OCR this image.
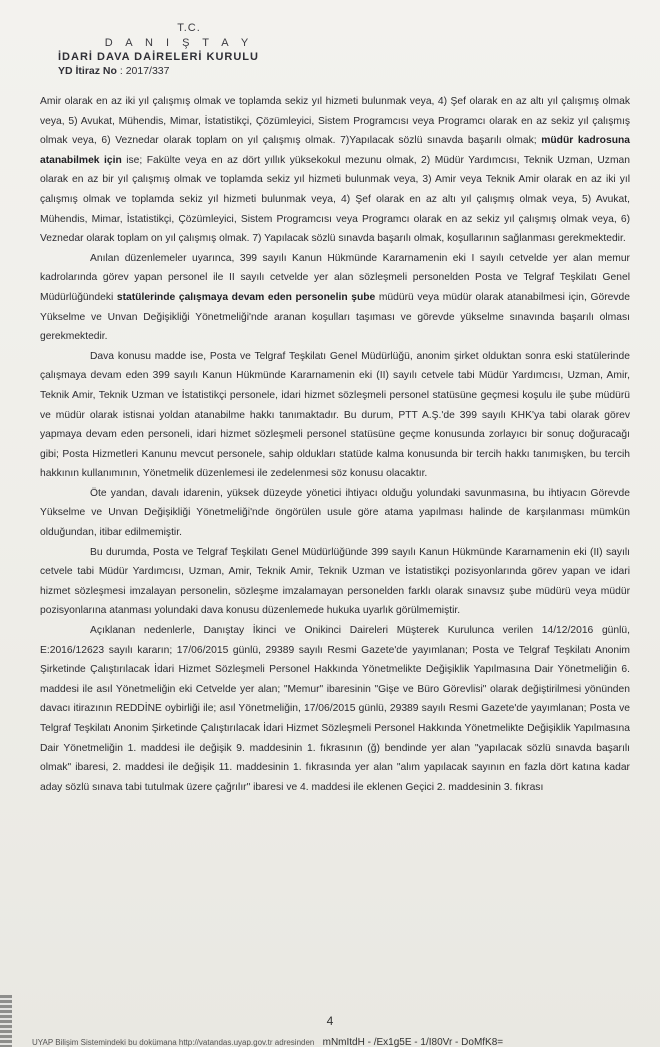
T.C.
D A N I Ş T A Y
İDARİ DAVA DAİRELERİ KURULU
YD İtiraz No : 2017/337

Amir olarak en az iki yıl çalışmış olmak ve toplamda sekiz yıl hizmeti bulunmak veya, 4) Şef olarak en az altı yıl çalışmış olmak veya, 5) Avukat, Mühendis, Mimar, İstatistikçi, Çözümleyici, Sistem Programcısı veya Programcı olarak en az sekiz yıl çalışmış olmak veya, 6) Veznedar olarak toplam on yıl çalışmış olmak. 7)Yapılacak sözlü sınavda başarılı olmak; müdür kadrosuna atanabilmek için ise; Fakülte veya en az dört yıllık yüksekokul mezunu olmak, 2) Müdür Yardımcısı, Teknik Uzman, Uzman olarak en az bir yıl çalışmış olmak ve toplamda sekiz yıl hizmeti bulunmak veya, 3) Amir veya Teknik Amir olarak en az iki yıl çalışmış olmak ve toplamda sekiz yıl hizmeti bulunmak veya, 4) Şef olarak en az altı yıl çalışmış olmak veya, 5) Avukat, Mühendis, Mimar, İstatistikçi, Çözümleyici, Sistem Programcısı veya Programcı olarak en az sekiz yıl çalışmış olmak veya, 6) Veznedar olarak toplam on yıl çalışmış olmak. 7) Yapılacak sözlü sınavda başarılı olmak, koşullarının sağlanması gerekmektedir.

Anılan düzenlemeler uyarınca, 399 sayılı Kanun Hükmünde Kararnamenin eki I sayılı cetvelde yer alan memur kadrolarında görev yapan personel ile II sayılı cetvelde yer alan sözleşmeli personelden Posta ve Telgraf Teşkilatı Genel Müdürlüğündeki statülerinde çalışmaya devam eden personelin şube müdürü veya müdür olarak atanabilmesi için, Görevde Yükselme ve Unvan Değişikliği Yönetmeliği'nde aranan koşulları taşıması ve görevde yükselme sınavında başarılı olması gerekmektedir.

Dava konusu madde ise, Posta ve Telgraf Teşkilatı Genel Müdürlüğü, anonim şirket olduktan sonra eski statülerinde çalışmaya devam eden 399 sayılı Kanun Hükmünde Kararnamenin eki (II) sayılı cetvele tabi Müdür Yardımcısı, Uzman, Amir, Teknik Amir, Teknik Uzman ve İstatistikçi personele, idari hizmet sözleşmeli personel statüsüne geçmesi koşulu ile şube müdürü ve müdür olarak istisnai yoldan atanabilme hakkı tanımaktadır. Bu durum, PTT A.Ş.'de 399 sayılı KHK'ya tabi olarak görev yapmaya devam eden personeli, idari hizmet sözleşmeli personel statüsüne geçme konusunda zorlayıcı bir sonuç doğuracağı gibi; Posta Hizmetleri Kanunu mevcut personele, sahip oldukları statüde kalma konusunda bir tercih hakkı tanımışken, bu tercih hakkının kullanımının, Yönetmelik düzenlemesi ile zedelenmesi söz konusu olacaktır.

Öte yandan, davalı idarenin, yüksek düzeyde yönetici ihtiyacı olduğu yolundaki savunmasına, bu ihtiyacın Görevde Yükselme ve Unvan Değişikliği Yönetmeliği'nde öngörülen usule göre atama yapılması halinde de karşılanması mümkün olduğundan, itibar edilmemiştir.

Bu durumda, Posta ve Telgraf Teşkilatı Genel Müdürlüğünde 399 sayılı Kanun Hükmünde Kararnamenin eki (II) sayılı cetvele tabi Müdür Yardımcısı, Uzman, Amir, Teknik Amir, Teknik Uzman ve İstatistikçi pozisyonlarında görev yapan ve idari hizmet sözleşmesi imzalayan personelin, sözleşme imzalamayan personelden farklı olarak sınavsız şube müdürü veya müdür pozisyonlarına atanması yolundaki dava konusu düzenlemede hukuka uyarlık görülmemiştir.

Açıklanan nedenlerle, Danıştay İkinci ve Onikinci Daireleri Müşterek Kurulunca verilen 14/12/2016 günlü, E:2016/12623 sayılı kararın; 17/06/2015 günlü, 29389 sayılı Resmi Gazete'de yayımlanan; Posta ve Telgraf Teşkilatı Anonim Şirketinde Çalıştırılacak İdari Hizmet Sözleşmeli Personel Hakkında Yönetmelikte Değişiklik Yapılmasına Dair Yönetmeliğin 6. maddesi ile asıl Yönetmeliğin eki Cetvelde yer alan; "Memur" ibaresinin "Gişe ve Büro Görevlisi" olarak değiştirilmesi yönünden davacı itirazının REDDİNE oybirliği ile; asıl Yönetmeliğin, 17/06/2015 günlü, 29389 sayılı Resmi Gazete'de yayımlanan; Posta ve Telgraf Teşkilatı Anonim Şirketinde Çalıştırılacak İdari Hizmet Sözleşmeli Personel Hakkında Yönetmelikte Değişiklik Yapılmasına Dair Yönetmeliğin 1. maddesi ile değişik 9. maddesinin 1. fıkrasının (ğ) bendinde yer alan "yapılacak sözlü sınavda başarılı olmak" ibaresi, 2. maddesi ile değişik 11. maddesinin 1. fıkrasında yer alan "alım yapılacak sayının en fazla dört katına kadar aday sözlü sınava tabi tutulmak üzere çağrılır" ibaresi ve 4. maddesi ile eklenen Geçici 2. maddesinin 3. fıkrası

4
UYAP Bilişim Sistemindeki bu dokümana http://vatandas.uyap.gov.tr adresinden mNmItdH - /Ex1g5E - 1/I80Vr - DoMfK8=
